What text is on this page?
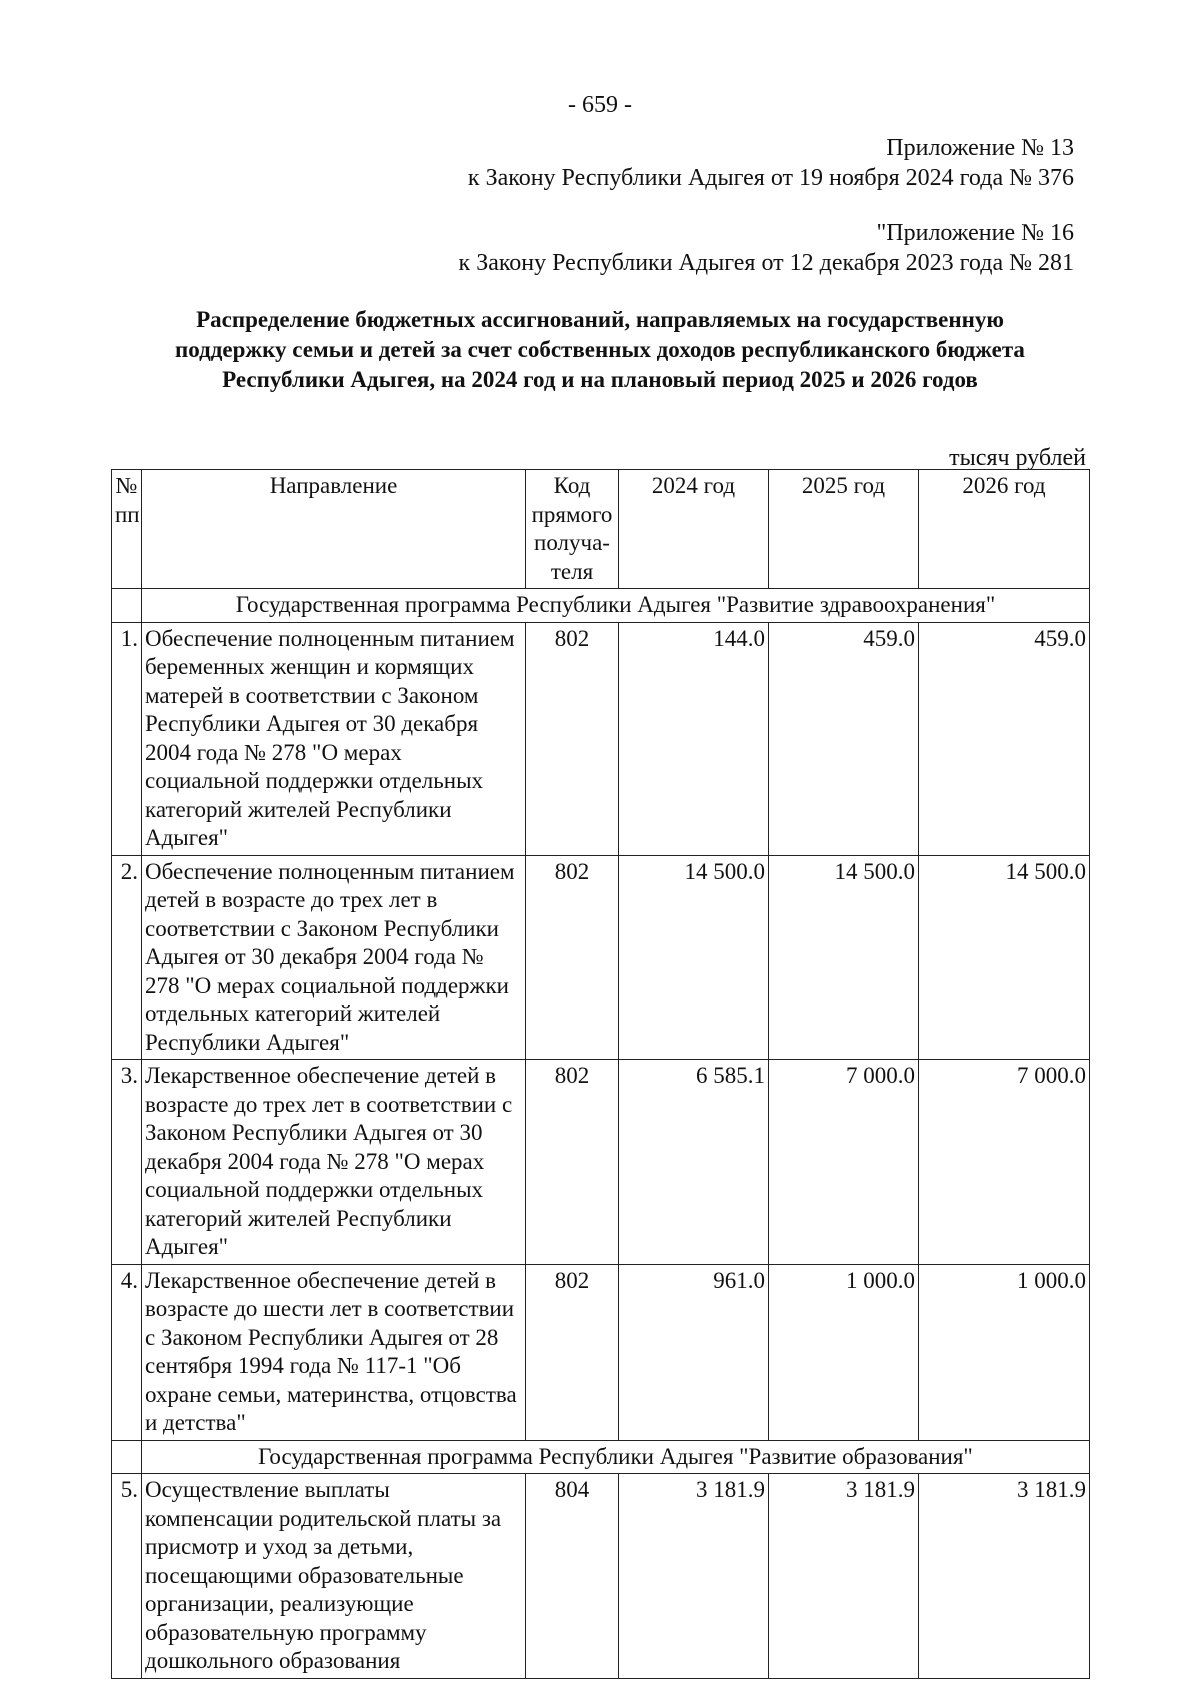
- 659 -
Приложение № 13
к Закону Республики Адыгея от 19 ноября 2024 года № 376
"Приложение № 16
к Закону Республики Адыгея от 12 декабря 2023 года № 281
Распределение бюджетных ассигнований, направляемых на государственную
поддержку семьи и детей за счет собственных доходов республиканского бюджета
Республики Адыгея, на 2024 год и на плановый период 2025 и 2026 годов
тысяч рублей
№ пп	Направление	Код прямого получа-теля	2024 год	2025 год	2026 год
	Государственная программа Республики Адыгея "Развитие здравоохранения"				
1.	Обеспечение полноценным питанием беременных женщин и кормящих матерей в соответствии с Законом Республики Адыгея от 30 декабря 2004 года № 278 "О мерах социальной поддержки отдельных категорий жителей Республики Адыгея"	802	144.0	459.0	459.0
2.	Обеспечение полноценным питанием детей в возрасте до трех лет в соответствии с Законом Республики Адыгея от 30 декабря 2004 года № 278 "О мерах социальной поддержки отдельных категорий жителей Республики Адыгея"	802	14 500.0	14 500.0	14 500.0
3.	Лекарственное обеспечение детей в возрасте до трех лет в соответствии с Законом Республики Адыгея от 30 декабря 2004 года № 278 "О мерах социальной поддержки отдельных категорий жителей Республики Адыгея"	802	6 585.1	7 000.0	7 000.0
4.	Лекарственное обеспечение детей в возрасте до шести лет в соответствии с Законом Республики Адыгея от 28 сентября 1994 года № 117-1 "Об охране семьи, материнства, отцовства и детства"	802	961.0	1 000.0	1 000.0
	Государственная программа Республики Адыгея "Развитие образования"				
5.	Осуществление выплаты компенсации родительской платы за присмотр и уход за детьми, посещающими образовательные организации, реализующие образовательную программу дошкольного образования	804	3 181.9	3 181.9	3 181.9
